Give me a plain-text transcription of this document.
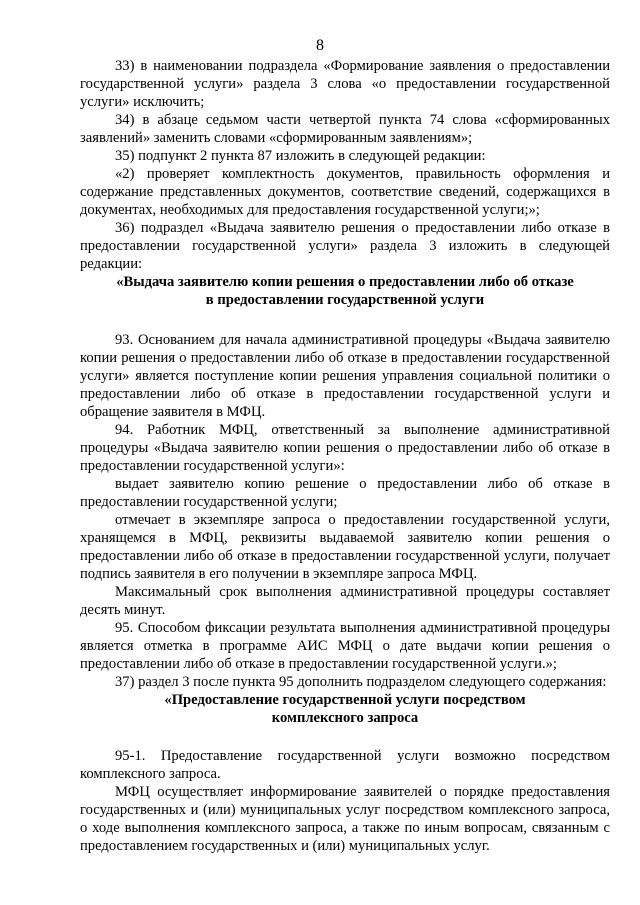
8

33) в наименовании подраздела «Формирование заявления о предоставлении государственной услуги» раздела 3 слова «о предоставлении государственной услуги» исключить;

34) в абзаце седьмом части четвертой пункта 74 слова «сформированных заявлений» заменить словами «сформированным заявлениям»;

35) подпункт 2 пункта 87 изложить в следующей редакции:

«2) проверяет комплектность документов, правильность оформления и содержание представленных документов, соответствие сведений, содержащихся в документах, необходимых для предоставления государственной услуги;»;

36) подраздел «Выдача заявителю решения о предоставлении либо отказе в предоставлении государственной услуги» раздела 3 изложить в следующей редакции:

«Выдача заявителю копии решения о предоставлении либо об отказе
в предоставлении государственной услуги

93. Основанием для начала административной процедуры «Выдача заявителю копии решения о предоставлении либо об отказе в предоставлении государственной услуги» является поступление копии решения управления социальной политики о предоставлении либо об отказе в предоставлении государственной услуги и обращение заявителя в МФЦ.

94. Работник МФЦ, ответственный за выполнение административной процедуры «Выдача заявителю копии решения о предоставлении либо об отказе в предоставлении государственной услуги»:

выдает заявителю копию решение о предоставлении либо об отказе в предоставлении государственной услуги;

отмечает в экземпляре запроса о предоставлении государственной услуги, хранящемся в МФЦ, реквизиты выдаваемой заявителю копии решения о предоставлении либо об отказе в предоставлении государственной услуги, получает подпись заявителя в его получении в экземпляре запроса МФЦ.

Максимальный срок выполнения административной процедуры составляет десять минут.

95. Способом фиксации результата выполнения административной процедуры является отметка в программе АИС МФЦ о дате выдачи копии решения о предоставлении либо об отказе в предоставлении государственной услуги.»;

37) раздел 3 после пункта 95 дополнить подразделом следующего содержания:

«Предоставление государственной услуги посредством
комплексного запроса

95-1. Предоставление государственной услуги возможно посредством комплексного запроса.

МФЦ осуществляет информирование заявителей о порядке предоставления государственных и (или) муниципальных услуг посредством комплексного запроса, о ходе выполнения комплексного запроса, а также по иным вопросам, связанным с предоставлением государственных и (или) муниципальных услуг.
